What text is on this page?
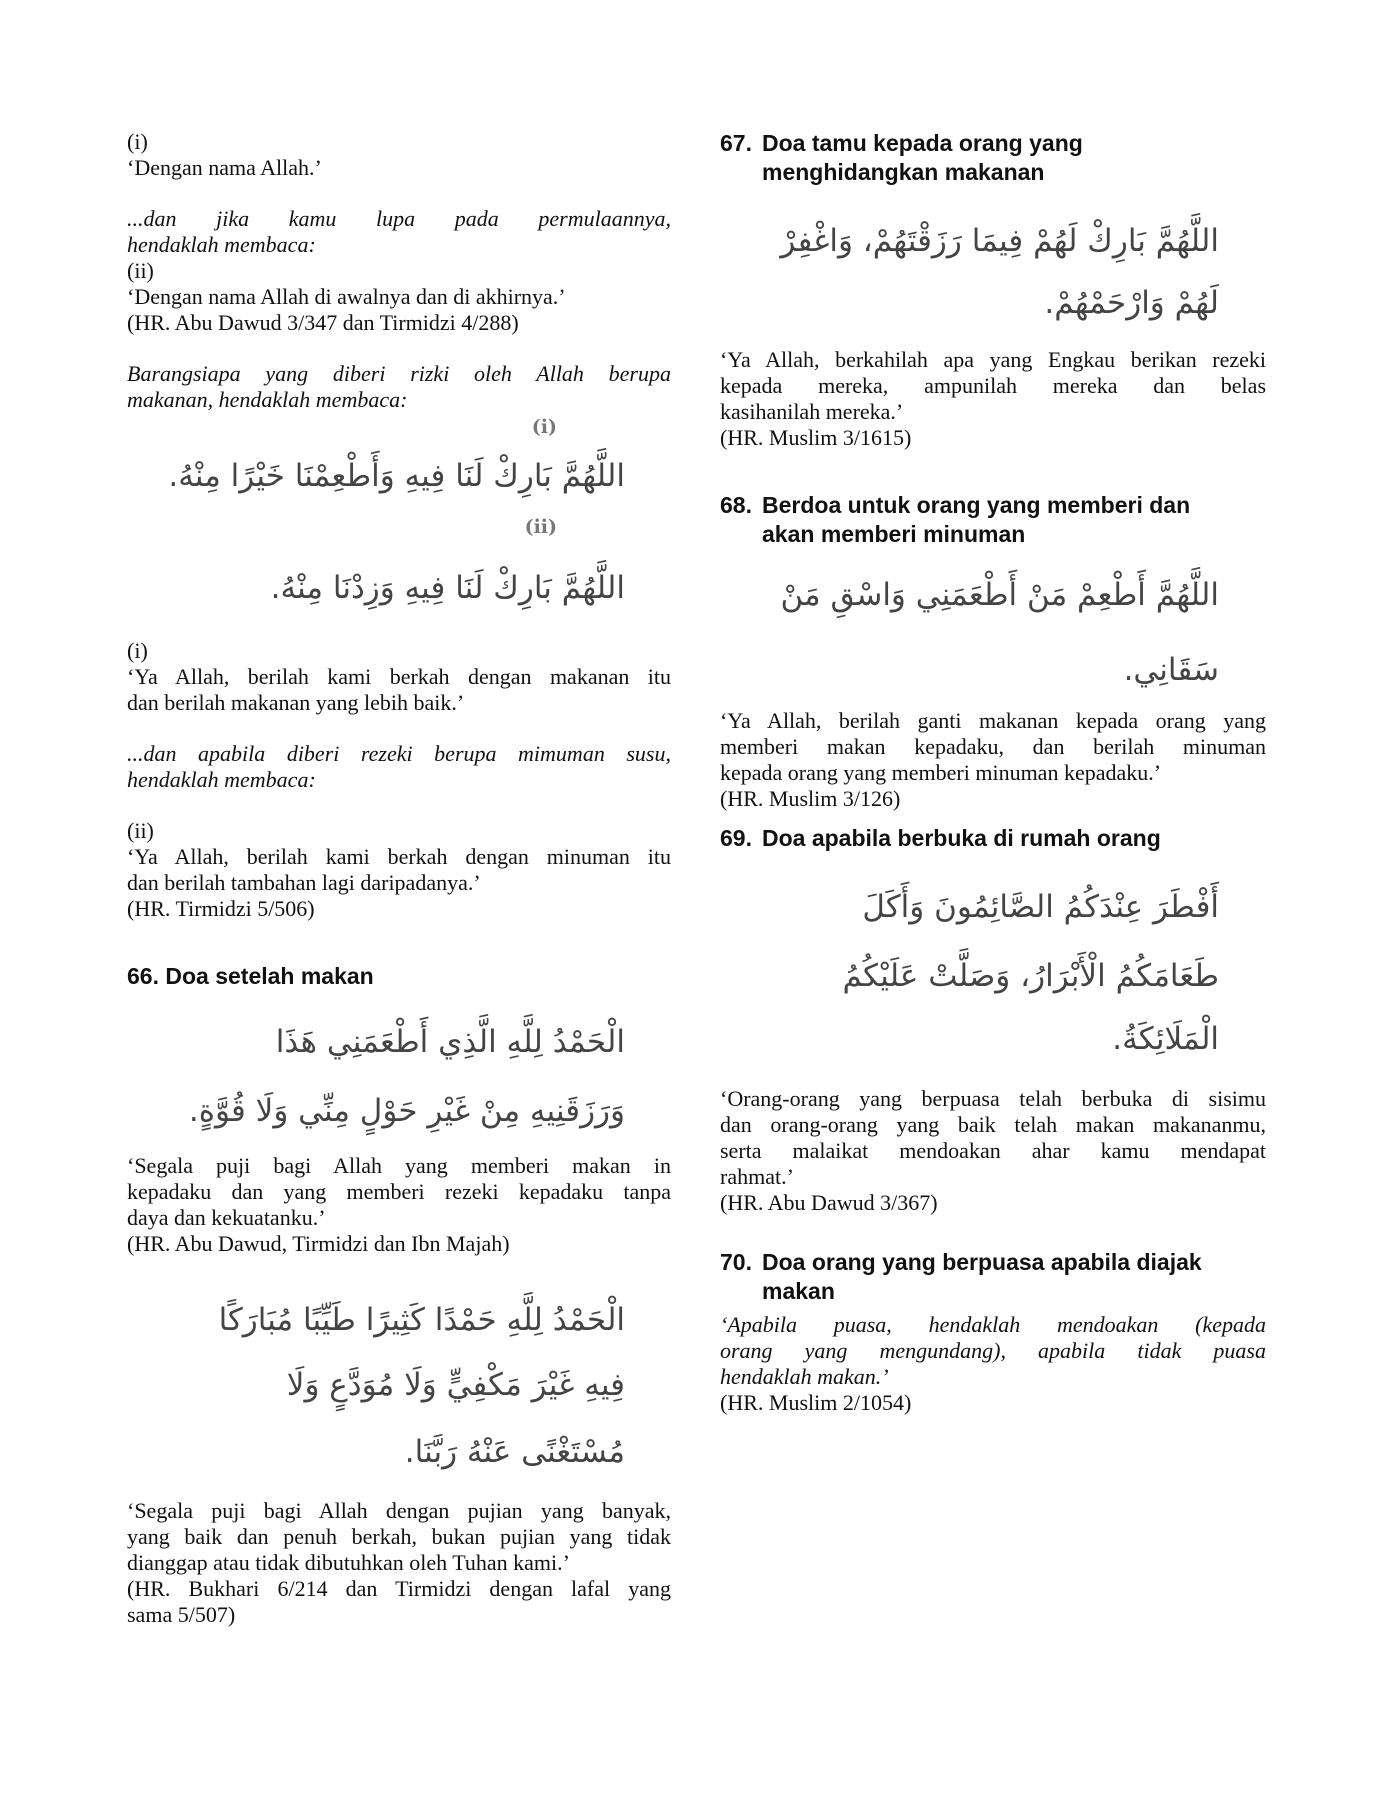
(i)
‘Dengan nama Allah.’
...dan jika kamu lupa pada permulaannya,
hendaklah membaca:
(ii)
‘Dengan nama Allah di awalnya dan di akhirnya.’
(HR. Abu Dawud 3/347 dan Tirmidzi 4/288)
Barangsiapa yang diberi rizki oleh Allah berupa
makanan, hendaklah membaca:
(i)
اللَّهُمَّ بَارِكْ لَنَا فِيهِ وَأَطْعِمْنَا خَيْرًا مِنْهُ.
(ii)
اللَّهُمَّ بَارِكْ لَنَا فِيهِ وَزِدْنَا مِنْهُ.
(i)
‘Ya Allah, berilah kami berkah dengan makanan itu
dan berilah makanan yang lebih baik.’
...dan apabila diberi rezeki berupa mimuman susu,
hendaklah membaca:
(ii)
‘Ya Allah, berilah kami berkah dengan minuman itu
dan berilah tambahan lagi daripadanya.’
(HR. Tirmidzi 5/506)
66. Doa setelah makan
الْحَمْدُ لِلَّهِ الَّذِي أَطْعَمَنِي هَذَا
وَرَزَقَنِيهِ مِنْ غَيْرِ حَوْلٍ مِنِّي وَلَا قُوَّةٍ.
‘Segala puji bagi Allah yang memberi makan in
kepadaku dan yang memberi rezeki kepadaku tanpa
daya dan kekuatanku.’
(HR. Abu Dawud, Tirmidzi dan Ibn Majah)
الْحَمْدُ لِلَّهِ حَمْدًا كَثِيرًا طَيِّبًا مُبَارَكًا
فِيهِ غَيْرَ مَكْفِيٍّ وَلَا مُوَدَّعٍ وَلَا
مُسْتَغْنًى عَنْهُ رَبَّنَا.
‘Segala puji bagi Allah dengan pujian yang banyak,
yang baik dan penuh berkah, bukan pujian yang tidak
dianggap atau tidak dibutuhkan oleh Tuhan kami.’
(HR. Bukhari 6/214 dan Tirmidzi dengan lafal yang
sama 5/507)
67. Doa tamu kepada orang yang
menghidangkan makanan
اللَّهُمَّ بَارِكْ لَهُمْ فِيمَا رَزَقْتَهُمْ، وَاغْفِرْ
لَهُمْ وَارْحَمْهُمْ.
‘Ya Allah, berkahilah apa yang Engkau berikan rezeki
kepada mereka, ampunilah mereka dan belas
kasihanilah mereka.’
(HR. Muslim 3/1615)
68. Berdoa untuk orang yang memberi dan
akan memberi minuman
اللَّهُمَّ أَطْعِمْ مَنْ أَطْعَمَنِي وَاسْقِ مَنْ
سَقَانِي.
‘Ya Allah, berilah ganti makanan kepada orang yang
memberi makan kepadaku, dan berilah minuman
kepada orang yang memberi minuman kepadaku.’
(HR. Muslim 3/126)
69. Doa apabila berbuka di rumah orang
أَفْطَرَ عِنْدَكُمُ الصَّائِمُونَ وَأَكَلَ
طَعَامَكُمُ الْأَبْرَارُ، وَصَلَّتْ عَلَيْكُمُ
الْمَلَائِكَةُ.
‘Orang-orang yang berpuasa telah berbuka di sisimu
dan orang-orang yang baik telah makan makananmu,
serta malaikat mendoakan ahar kamu mendapat
rahmat.’
(HR. Abu Dawud 3/367)
70. Doa orang yang berpuasa apabila diajak
makan
‘Apabila puasa, hendaklah mendoakan (kepada
orang yang mengundang), apabila tidak puasa
hendaklah makan.’
(HR. Muslim 2/1054)
